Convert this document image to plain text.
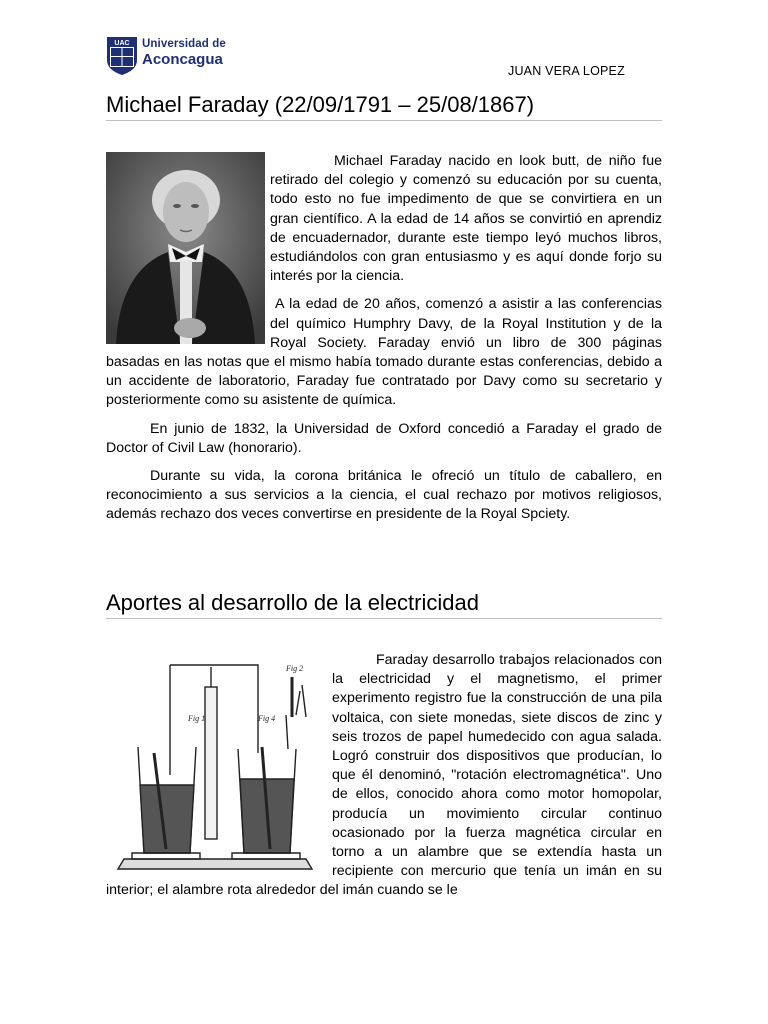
UAC Universidad de
Aconcagua
JUAN VERA LOPEZ
Michael Faraday (22/09/1791 – 25/08/1867)

Michael Faraday nacido en look butt, de niño fue retirado del colegio y comenzó su educación por su cuenta, todo esto no fue impedimento de que se convirtiera en un gran científico. A la edad de 14 años se convirtió en aprendiz de encuadernador, durante este tiempo leyó muchos libros, estudiándolos con gran entusiasmo y es aquí donde forjo su interés por la ciencia.

A la edad de 20 años, comenzó a asistir a las conferencias del químico Humphry Davy, de la Royal Institution y de la Royal Society. Faraday envió un libro de 300 páginas basadas en las notas que el mismo había tomado durante estas conferencias, debido a un accidente de laboratorio, Faraday fue contratado por Davy como su secretario y posteriormente como su asistente de química.

En junio de 1832, la Universidad de Oxford concedió a Faraday el grado de Doctor of Civil Law (honorario).

Durante su vida, la corona británica le ofreció un título de caballero, en reconocimiento a sus servicios a la ciencia, el cual rechazo por motivos religiosos, además rechazo dos veces convertirse en presidente de la Royal Spciety.

Aportes al desarrollo de la electricidad
Fig 1
Fig 2
Fig 4

Faraday desarrollo trabajos relacionados con la electricidad y el magnetismo, el primer experimento registro fue la construcción de una pila voltaica, con siete monedas, siete discos de zinc y seis trozos de papel humedecido con agua salada. Logró construir dos dispositivos que producían, lo que él denominó, "rotación electromagnética". Uno de ellos, conocido ahora como motor homopolar, producía un movimiento circular continuo ocasionado por la fuerza magnética circular en torno a un alambre que se extendía hasta un recipiente con mercurio que tenía un imán en su interior; el alambre rota alrededor del imán cuando se le
